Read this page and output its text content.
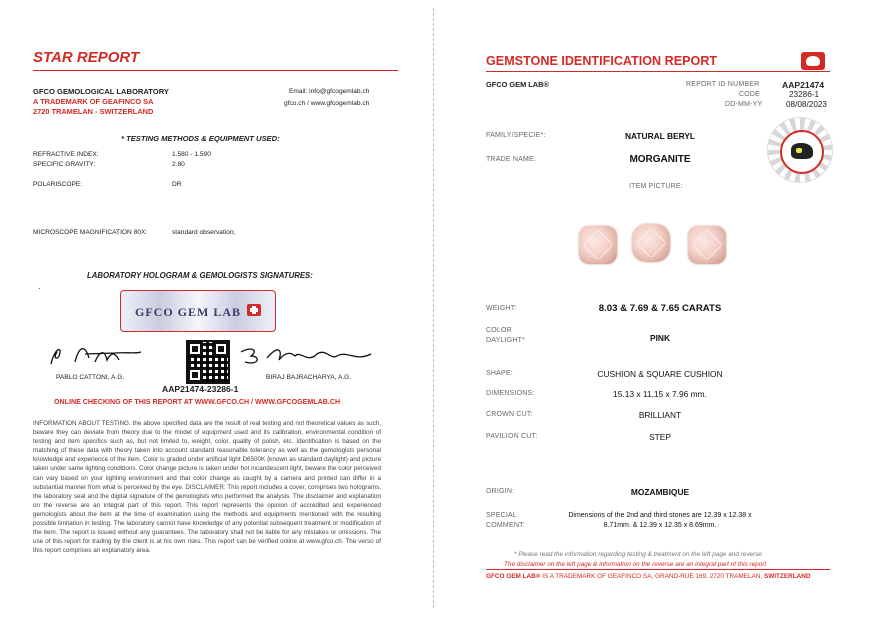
STAR REPORT
GFCO GEMOLOGICAL LABORATORY
A TRADEMARK OF GEAFINCO SA
2720 TRAMELAN - SWITZERLAND
Email: info@gfcogemlab.ch
gfco.ch / www.gfcogemlab.ch
* TESTING METHODS & EQUIPMENT USED:
REFRACTIVE INDEX:	1.580 - 1.590
SPECIFIC GRAVITY:	2.80
POLARISCOPE:	DR
MICROSCOPE MAGNIFICATION 80X:	standard observation;
LABORATORY HOLOGRAM & GEMOLOGISTS SIGNATURES:
·
GFCO GEM LAB
PABLO CATTONI, A.G.
AAP21474-23286-1
BIRAJ BAJRACHARYA, A.G.
ONLINE CHECKING OF THIS REPORT AT WWW.GFCO.CH / WWW.GFCOGEMLAB.CH
INFORMATION ABOUT TESTING: the above specified data are the result of real testing and not theoretical values as such, beware they can deviate from theory due to the model of equipment used and its calibration, environmental condition of testing and item specifics such as, but not limited to, weight, color, quality of polish, etc. Identification is based on the matching of these data with theory taken into account standard reasonable tolerancy as well as the gemologists personal knowledge and experience of the item. Color is graded under artificial light D6500K (known as standard daylight) and picture taken under same lighting conditions. Color change picture is taken under hot incandescent light, beware the color perceived can vary based on your lighting environment and that color change as caught by a camera and printed can differ in a substantial manner from what is perceived by the eye. DISCLAIMER: This report includes a cover, comprises two holograms, the laboratory seal and the digital signature of the gemologists who performed the analysis. The disclaimer and explanation on the reverse are an integral part of this report. This report represents the opinion of accredited and experienced gemologists about the item at the time of examination using the methods and equipments mentioned with the resulting possible limitation in testing. The laboratory cannot have knowledge of any potential subsequent treatment or modification of the item. The report is issued without any guarantees. The laboratory shall not be liable for any mistakes or omissions. The use of this report for trading by the client is at his own risks. This report can be verified online at www.gfco.ch. The verso of this report comprises an explanatory area.
GEMSTONE IDENTIFICATION REPORT
GFCO GEM LAB®	REPORT ID NUMBER	AAP21474
CODE	23286-1
DD-MM-YY	08/08/2023
FAMILY/SPECIE*:	NATURAL BERYL
TRADE NAME:	MORGANITE
ITEM PICTURE:
WEIGHT:	8.03 & 7.69 & 7.65 CARATS
COLOR
DAYLIGHT*	PINK
SHAPE:	CUSHION & SQUARE CUSHION
DIMENSIONS:	15.13 x 11.15 x 7.96 mm.
CROWN CUT:	BRILLIANT
PAVILION CUT:	STEP
ORIGIN:	MOZAMBIQUE
SPECIAL
COMMENT:
Dimensions of the 2nd and third stones are 12.39 x 12.38 x 8.71mm. & 12.39 x 12.35 x 8.69mm.
* Please read the information regarding testing & treatment on the left page and reverse
The disclaimer on the left page & information on the reverse are an integral part of this report
GFCO GEM LAB® IS A TRADEMARK OF GEAFINCO SA, GRAND-RUE 169, 2720 TRAMELAN, SWITZERLAND
